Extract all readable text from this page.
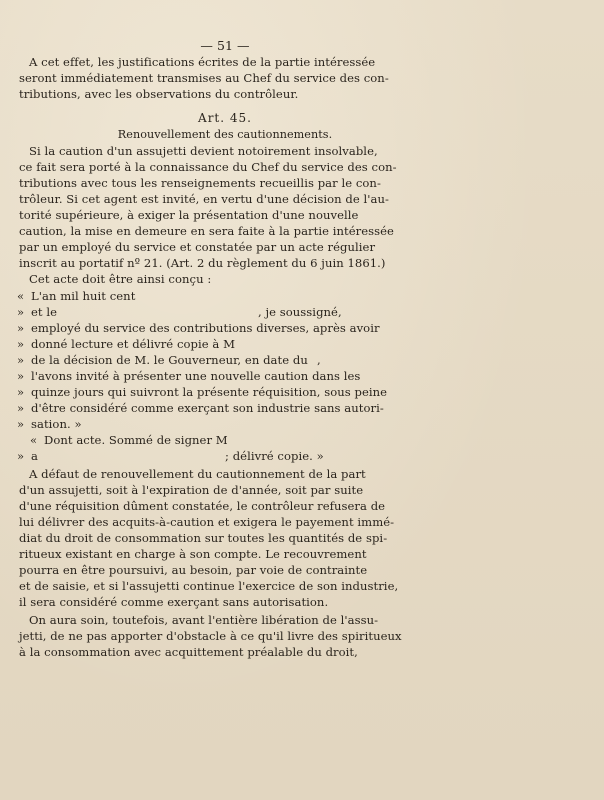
— 51 —
A cet effet, les justifications écrites de la partie intéressée
seront immédiatement transmises au Chef du service des con-
tributions, avec les observations du contrôleur.
Art. 45.
Renouvellement des cautionnements.
Si la caution d'un assujetti devient notoirement insolvable,
ce fait sera porté à la connaissance du Chef du service des con-
tributions avec tous les renseignements recueillis par le con-
trôleur. Si cet agent est invité, en vertu d'une décision de l'au-
torité supérieure, à exiger la présentation d'une nouvelle
caution, la mise en demeure en sera faite à la partie intéressée
par un employé du service et constatée par un acte régulier
inscrit au portatif nº 21. (Art. 2 du règlement du 6 juin 1861.)
Cet acte doit être ainsi conçu :
« L'an mil huit cent
» et le	, je soussigné,
» employé du service des contributions diverses, après avoir
» donné lecture et délivré copie à M
» de la décision de M. le Gouverneur, en date du ,
» l'avons invité à présenter une nouvelle caution dans les
» quinze jours qui suivront la présente réquisition, sous peine
» d'être considéré comme exerçant son industrie sans autori-
» sation. »
« Dont acte. Sommé de signer M
» a	; délivré copie. »
A défaut de renouvellement du cautionnement de la part
d'un assujetti, soit à l'expiration de d'année, soit par suite
d'une réquisition dûment constatée, le contrôleur refusera de
lui délivrer des acquits-à-caution et exigera le payement immé-
diat du droit de consommation sur toutes les quantités de spi-
ritueux existant en charge à son compte. Le recouvrement
pourra en être poursuivi, au besoin, par voie de contrainte
et de saisie, et si l'assujetti continue l'exercice de son industrie,
il sera considéré comme exerçant sans autorisation.
On aura soin, toutefois, avant l'entière libération de l'assu-
jetti, de ne pas apporter d'obstacle à ce qu'il livre des spiritueux
à la consommation avec acquittement préalable du droit,
